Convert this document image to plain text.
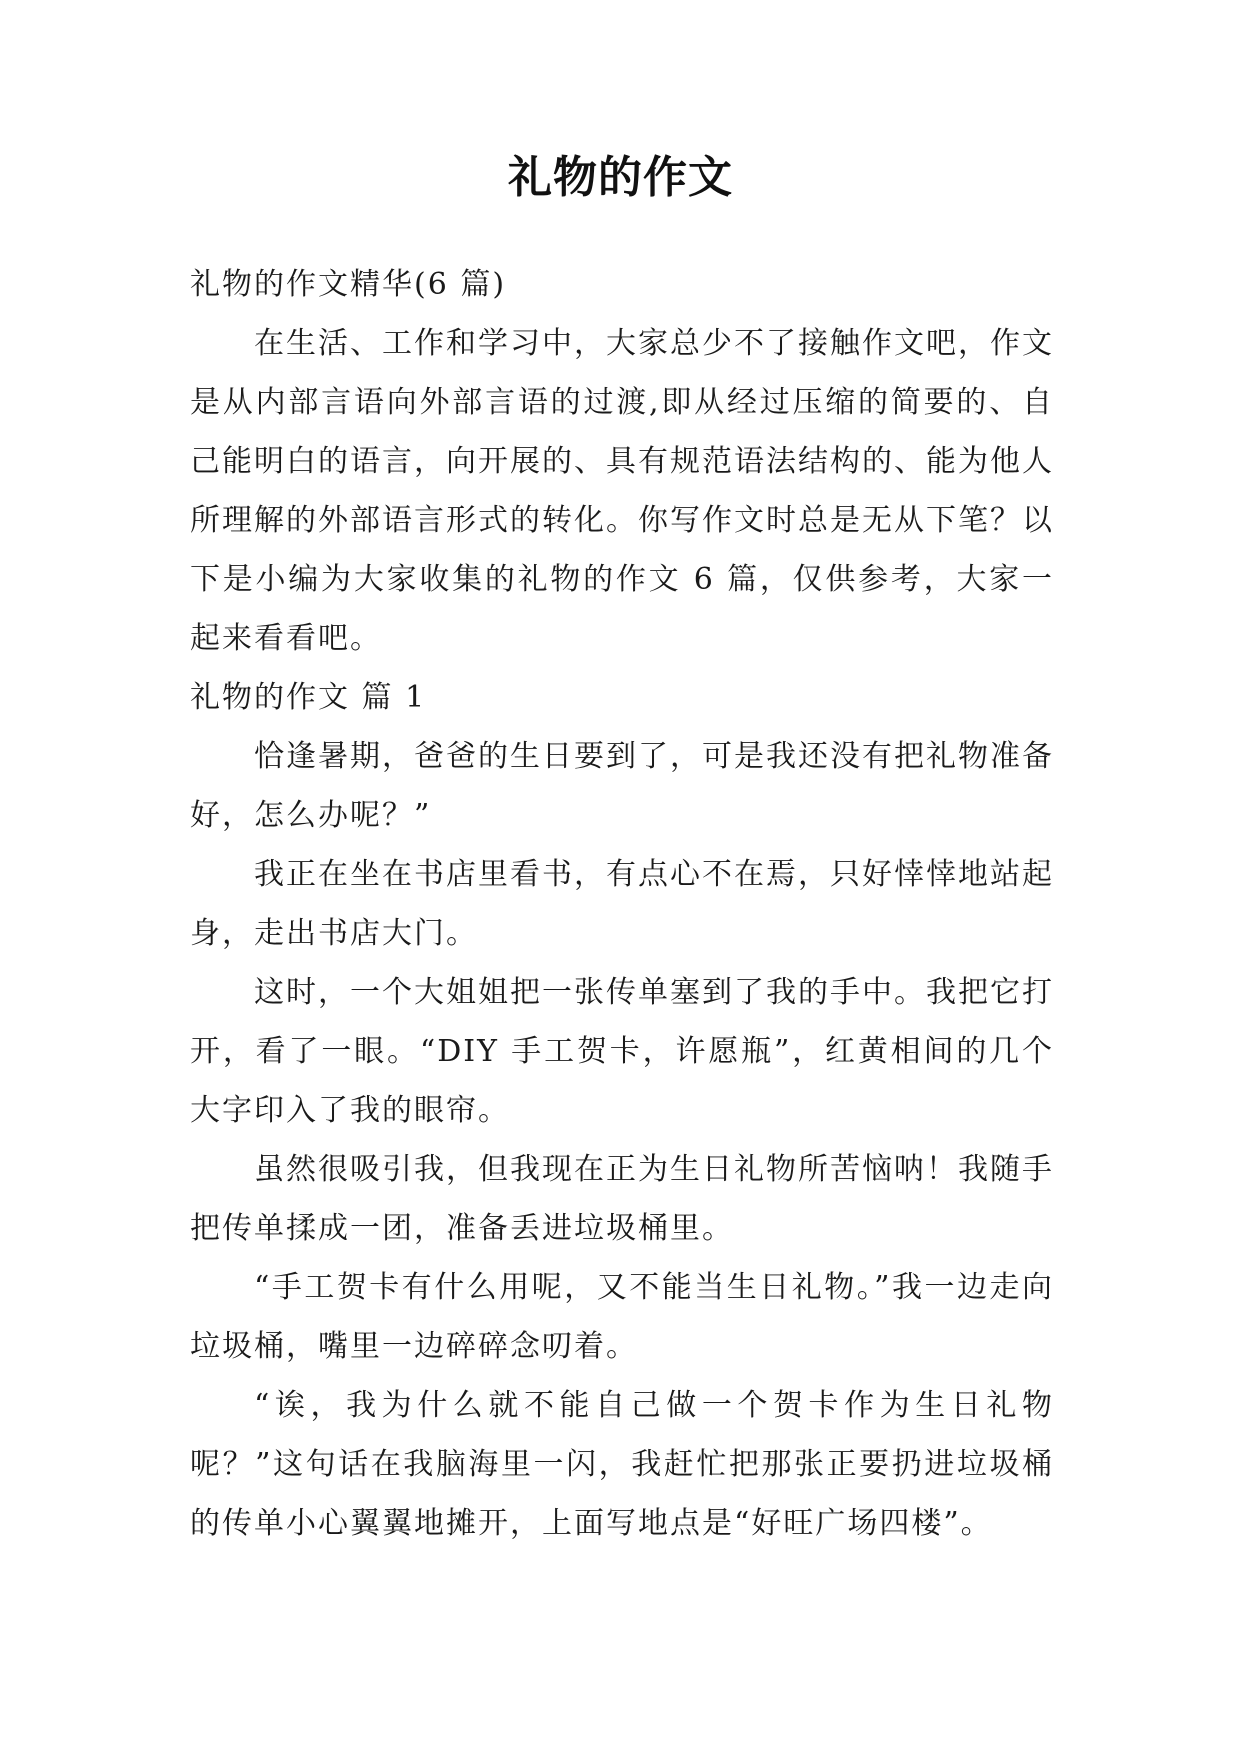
礼物的作文

礼物的作文精华(6 篇)

在生活、工作和学习中，大家总少不了接触作文吧，作文是从内部言语向外部言语的过渡,即从经过压缩的简要的、自己能明白的语言，向开展的、具有规范语法结构的、能为他人所理解的外部语言形式的转化。你写作文时总是无从下笔？以下是小编为大家收集的礼物的作文 6 篇，仅供参考，大家一起来看看吧。

礼物的作文 篇 1

恰逢暑期，爸爸的生日要到了，可是我还没有把礼物准备好，怎么办呢？”

我正在坐在书店里看书，有点心不在焉，只好悻悻地站起身，走出书店大门。

这时，一个大姐姐把一张传单塞到了我的手中。我把它打开，看了一眼。“DIY 手工贺卡，许愿瓶”，红黄相间的几个大字印入了我的眼帘。

虽然很吸引我，但我现在正为生日礼物所苦恼呐！我随手把传单揉成一团，准备丢进垃圾桶里。

“手工贺卡有什么用呢，又不能当生日礼物。”我一边走向垃圾桶，嘴里一边碎碎念叨着。

“诶，我为什么就不能自己做一个贺卡作为生日礼物呢？”这句话在我脑海里一闪，我赶忙把那张正要扔进垃圾桶的传单小心翼翼地摊开，上面写地点是“好旺广场四楼”。
